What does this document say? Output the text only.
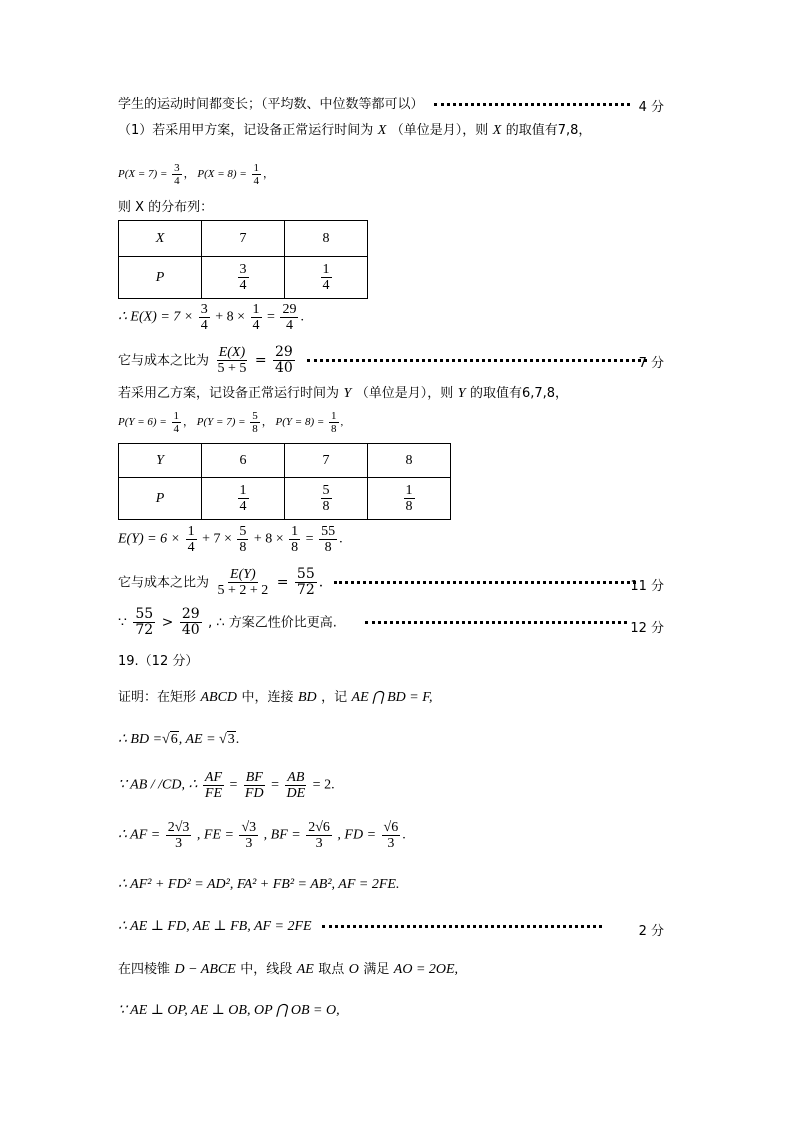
学生的运动时间都变长；（平均数、中位数等都可以）	4 分
（1）若采用甲方案，记设备正常运行时间为 X （单位是月），则 X 的取值有7,8，
$P(X = 7) = \frac{3}{4}$ ， $P(X = 8) = \frac{1}{4}$ ，
则 X 的分布列：
X	7	8
P	$\frac{3}{4}$	$\frac{1}{4}$
∴ $E(X) = 7 \times \frac{3}{4} + 8 \times \frac{1}{4} = \frac{29}{4}$ .
它与成本之比为 $\frac{E(X)}{5 + 5} = \frac{29}{40}$
	7 分
若采用乙方案，记设备正常运行时间为 Y （单位是月），则 Y 的取值有6,7,8，
$P(Y = 6) = \frac{1}{4}$ ， $P(Y = 7) = \frac{5}{8}$ ， $P(Y = 8) = \frac{1}{8}$ ,
Y	6	7	8
P	$\frac{1}{4}$	$\frac{5}{8}$	$\frac{1}{8}$
$E(Y) = 6 \times \frac{1}{4} + 7 \times \frac{5}{8} + 8 \times \frac{1}{8} = \frac{55}{8}$ .
它与成本之比为 $\frac{E(Y)}{5 + 2 + 2} = \frac{55}{72}$ .	11 分
∵ $\frac{55}{72} > \frac{29}{40}$ , ∴ 方案乙性价比更高.	12 分
19.（12 分）
证明：在矩形 ABCD 中，连接 BD ，记 AE ⋂ BD = F,
∴ BD =√6, AE = √3.
∵ AB / /CD, ∴ $\frac{AF}{FE} = \frac{BF}{FD} = \frac{AB}{DE} = 2$.
∴ AF = $\frac{2√3}{3}$ , FE = $\frac{√3}{3}$ , BF = $\frac{2√6}{3}$ , FD = $\frac{√6}{3}$ .
∴ AF² + FD² = AD², FA² + FB² = AB², AF = 2FE.
∴ AE ⊥ FD, AE ⊥ FB, AF = 2FE	2 分
在四棱锥 D − ABCE 中，线段 AE 取点 O 满足 AO = 2OE,
∵ AE ⊥ OP, AE ⊥ OB, OP ⋂ OB = O,
